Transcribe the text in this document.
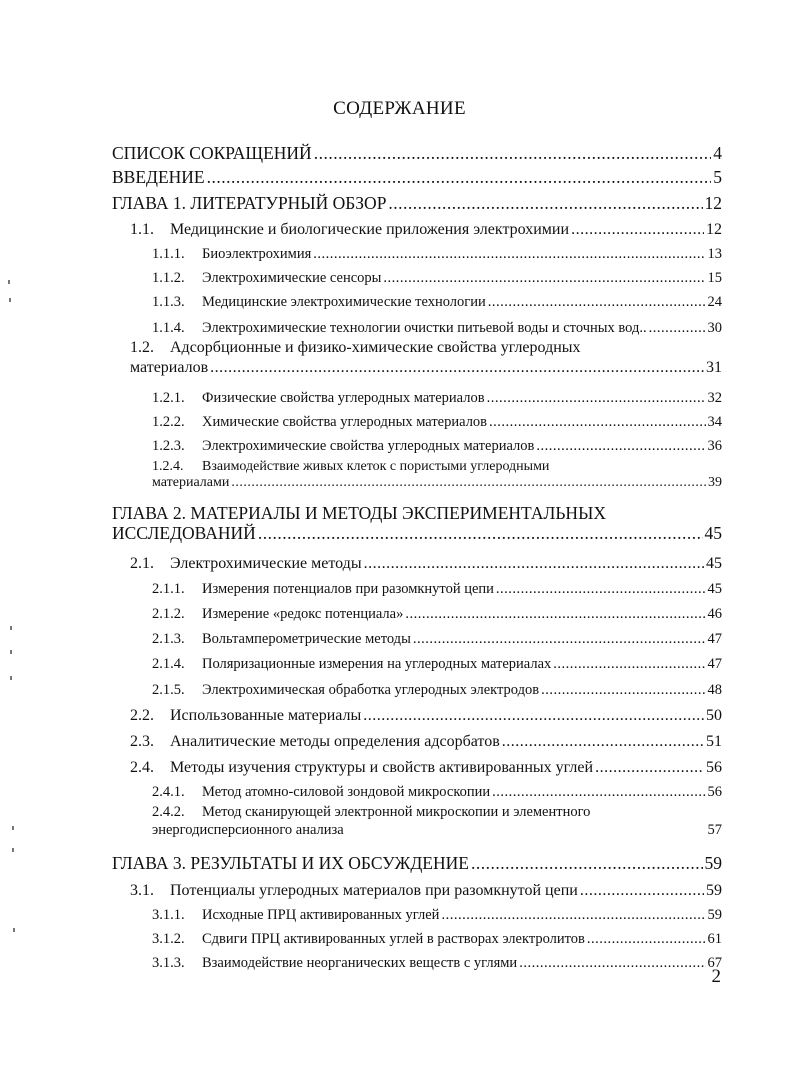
СОДЕРЖАНИЕ
СПИСОК СОКРАЩЕНИЙ .....	4
ВВЕДЕНИЕ .....	5
ГЛАВА 1. ЛИТЕРАТУРНЫЙ ОБЗОР .....	12
1.1. Медицинские и биологические приложения электрохимии .....	12
1.1.1. Биоэлектрохимия .....	13
1.1.2. Электрохимические сенсоры .....	15
1.1.3. Медицинские электрохимические технологии .....	24
1.1.4. Электрохимические технологии очистки питьевой воды и сточных вод.. .....	30
1.2. Адсорбционные и физико-химические свойства углеродных
материалов .....	31
1.2.1. Физические свойства углеродных материалов .....	32
1.2.2. Химические свойства углеродных материалов .....	34
1.2.3. Электрохимические свойства углеродных материалов .....	36
1.2.4. Взаимодействие живых клеток с пористыми углеродными
материалами .....	39
ГЛАВА 2. МАТЕРИАЛЫ И МЕТОДЫ ЭКСПЕРИМЕНТАЛЬНЫХ
ИССЛЕДОВАНИЙ .....	45
2.1. Электрохимические методы .....	45
2.1.1. Измерения потенциалов при разомкнутой цепи .....	45
2.1.2. Измерение «редокс потенциала» .....	46
2.1.3. Вольтамперометрические методы .....	47
2.1.4. Поляризационные измерения на углеродных материалах .....	47
2.1.5. Электрохимическая обработка углеродных электродов .....	48
2.2. Использованные материалы .....	50
2.3. Аналитические методы определения адсорбатов .....	51
2.4. Методы изучения структуры и свойств активированных углей .....	56
2.4.1. Метод атомно-силовой зондовой микроскопии .....	56
2.4.2. Метод сканирующей электронной микроскопии и элементного
энергодисперсионного анализа	57
ГЛАВА 3. РЕЗУЛЬТАТЫ И ИХ ОБСУЖДЕНИЕ .....	59
3.1. Потенциалы углеродных материалов при разомкнутой цепи .....	59
3.1.1. Исходные ПРЦ активированных углей .....	59
3.1.2. Сдвиги ПРЦ активированных углей в растворах электролитов .....	61
3.1.3. Взаимодействие неорганических веществ с углями .....	67
2
